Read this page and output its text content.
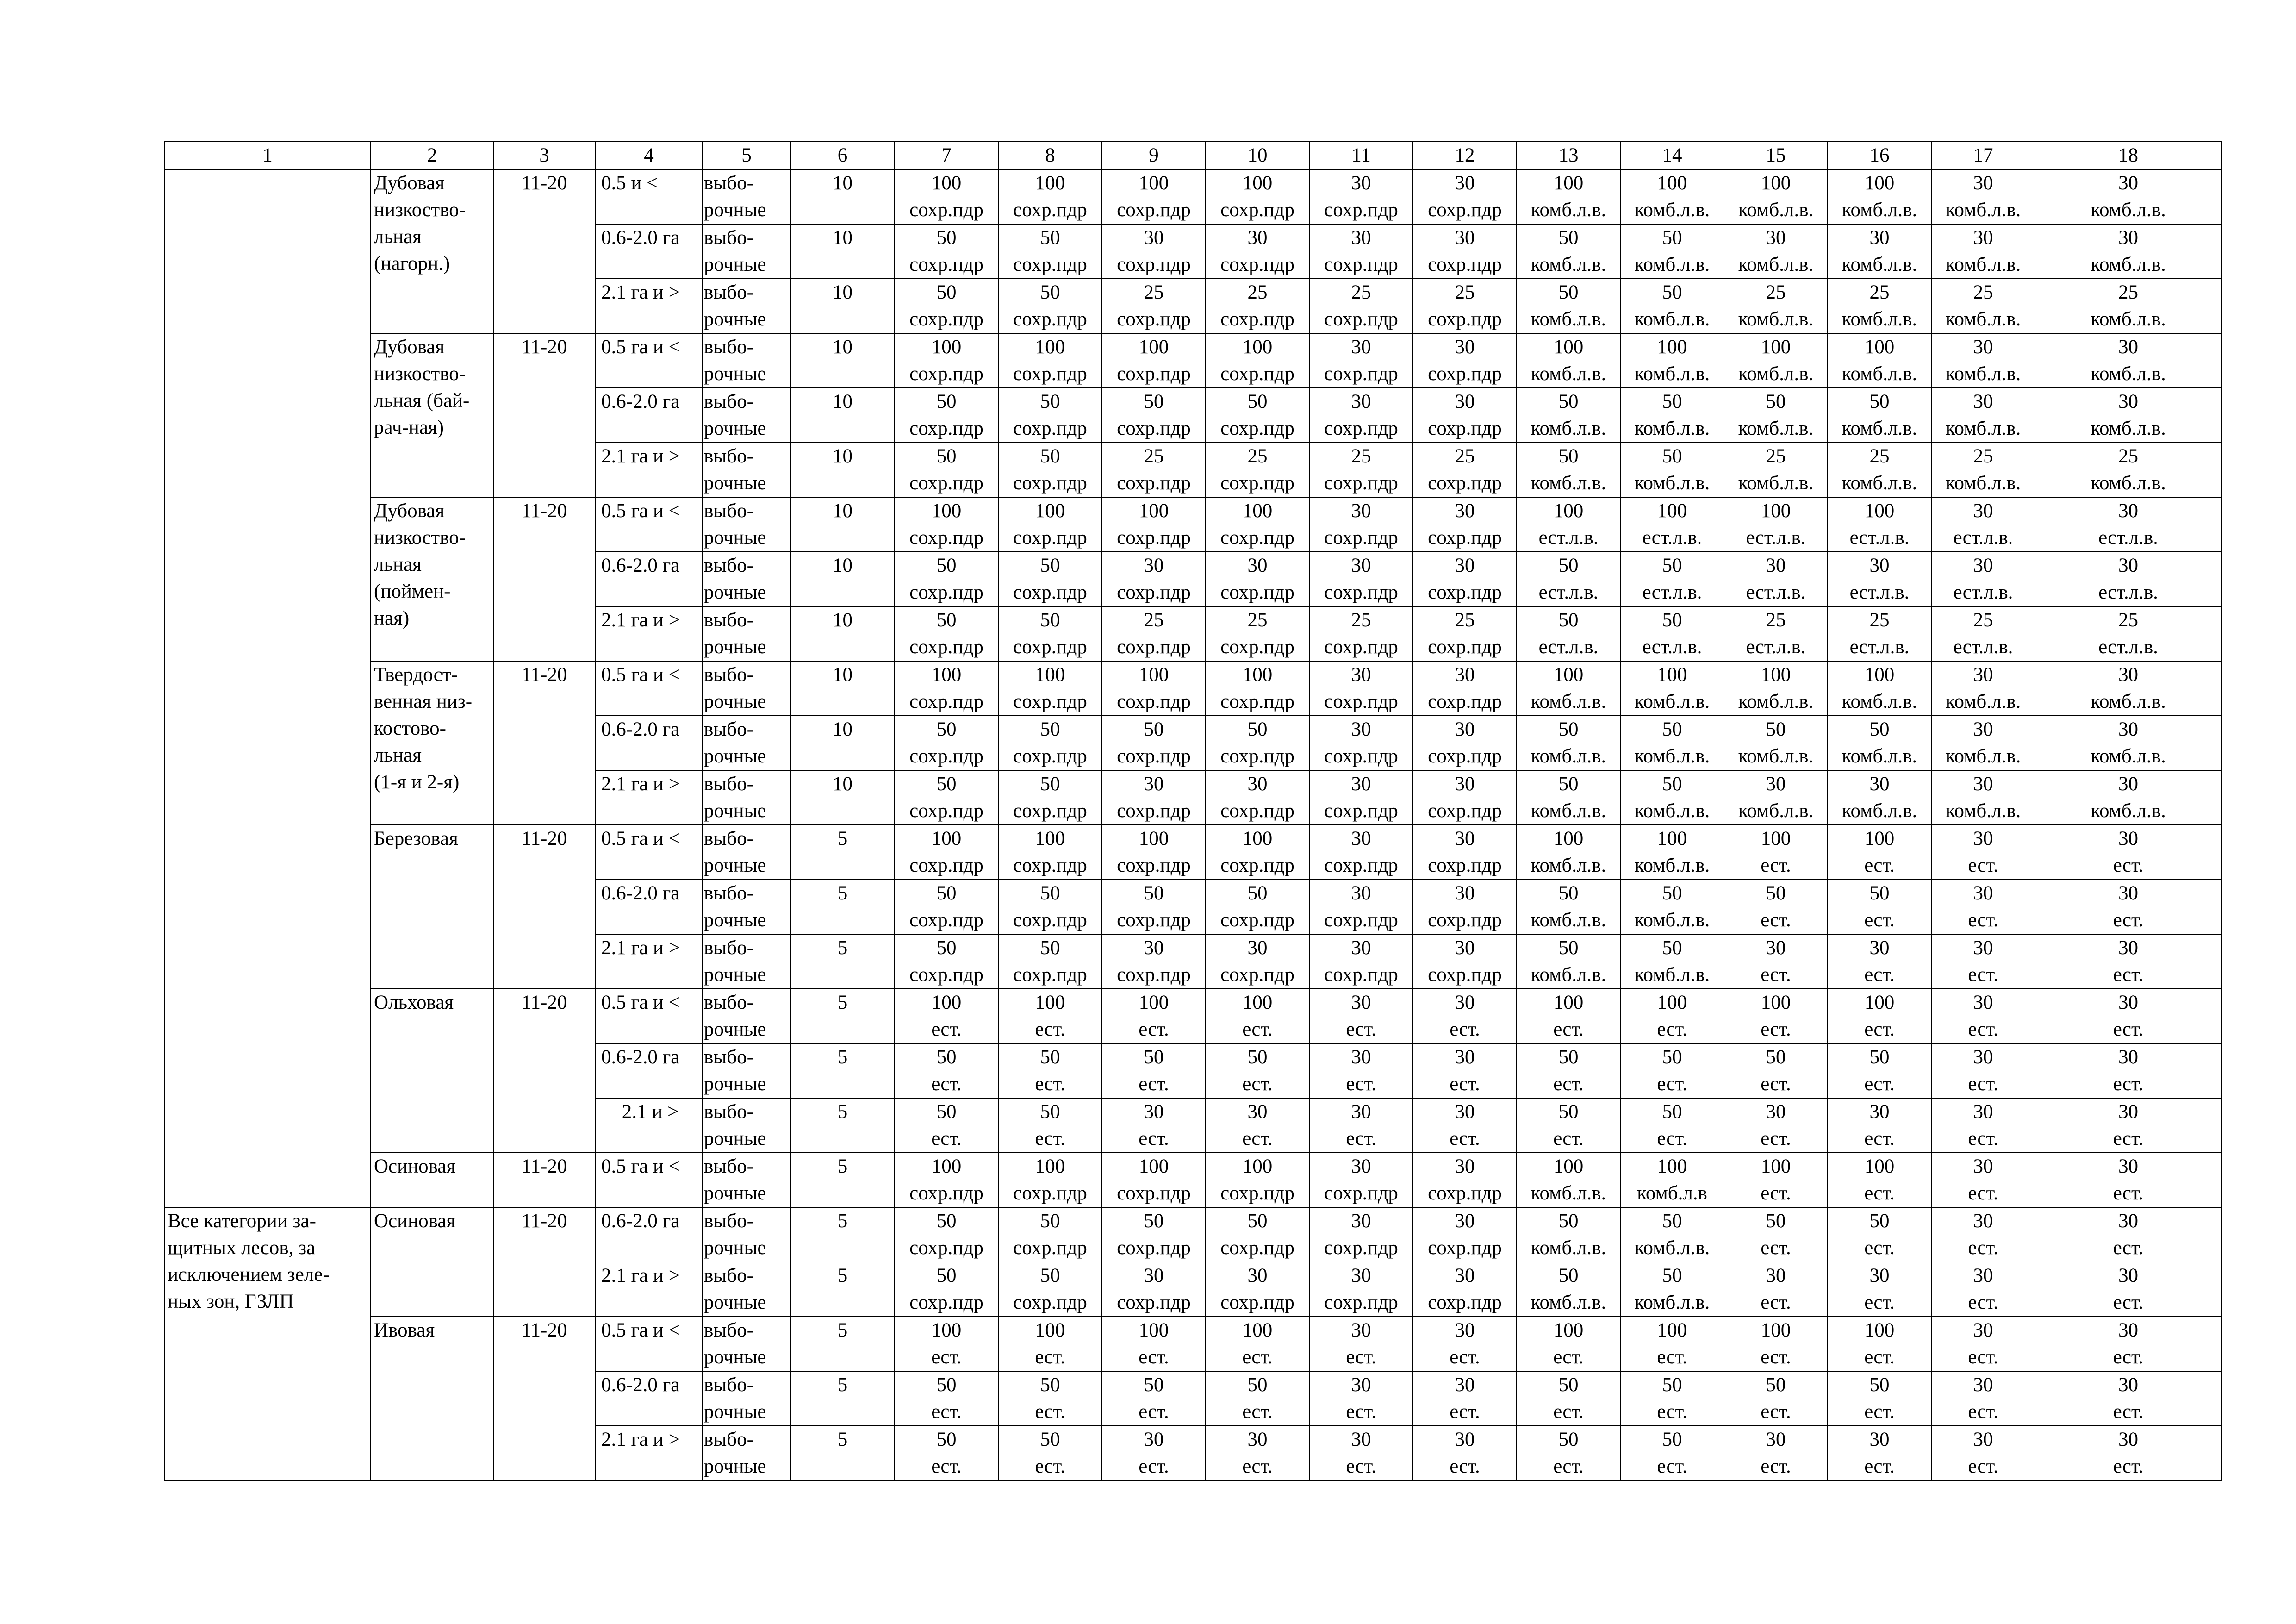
1	2	3	4	5	6	7	8	9	10	11	12	13	14	15	16	17	18

	Дубовая
низкоство-
льная
(нагорн.)	11-20	0.5 и <	выбо-
рочные	10	100
сохр.пдр	100
сохр.пдр	100
сохр.пдр	100
сохр.пдр	30
сохр.пдр	30
сохр.пдр	100
комб.л.в.	100
комб.л.в.	100
комб.л.в.	100
комб.л.в.	30
комб.л.в.	30
комб.л.в.

			0.6-2.0 га	выбо-
рочные	10	50
сохр.пдр	50
сохр.пдр	30
сохр.пдр	30
сохр.пдр	30
сохр.пдр	30
сохр.пдр	50
комб.л.в.	50
комб.л.в.	30
комб.л.в.	30
комб.л.в.	30
комб.л.в.	30
комб.л.в.

			2.1 га и >	выбо-
рочные	10	50
сохр.пдр	50
сохр.пдр	25
сохр.пдр	25
сохр.пдр	25
сохр.пдр	25
сохр.пдр	50
комб.л.в.	50
комб.л.в.	25
комб.л.в.	25
комб.л.в.	25
комб.л.в.	25
комб.л.в.

	Дубовая
низкоство-
льная (бай-
рач-ная)	11-20	0.5 га и <	выбо-
рочные	10	100
сохр.пдр	100
сохр.пдр	100
сохр.пдр	100
сохр.пдр	30
сохр.пдр	30
сохр.пдр	100
комб.л.в.	100
комб.л.в.	100
комб.л.в.	100
комб.л.в.	30
комб.л.в.	30
комб.л.в.

			0.6-2.0 га	выбо-
рочные	10	50
сохр.пдр	50
сохр.пдр	50
сохр.пдр	50
сохр.пдр	30
сохр.пдр	30
сохр.пдр	50
комб.л.в.	50
комб.л.в.	50
комб.л.в.	50
комб.л.в.	30
комб.л.в.	30
комб.л.в.

			2.1 га и >	выбо-
рочные	10	50
сохр.пдр	50
сохр.пдр	25
сохр.пдр	25
сохр.пдр	25
сохр.пдр	25
сохр.пдр	50
комб.л.в.	50
комб.л.в.	25
комб.л.в.	25
комб.л.в.	25
комб.л.в.	25
комб.л.в.

	Дубовая
низкоство-
льная
(поймен-
ная)	11-20	0.5 га и <	выбо-
рочные	10	100
сохр.пдр	100
сохр.пдр	100
сохр.пдр	100
сохр.пдр	30
сохр.пдр	30
сохр.пдр	100
ест.л.в.	100
ест.л.в.	100
ест.л.в.	100
ест.л.в.	30
ест.л.в.	30
ест.л.в.

			0.6-2.0 га	выбо-
рочные	10	50
сохр.пдр	50
сохр.пдр	30
сохр.пдр	30
сохр.пдр	30
сохр.пдр	30
сохр.пдр	50
ест.л.в.	50
ест.л.в.	30
ест.л.в.	30
ест.л.в.	30
ест.л.в.	30
ест.л.в.

			2.1 га и >	выбо-
рочные	10	50
сохр.пдр	50
сохр.пдр	25
сохр.пдр	25
сохр.пдр	25
сохр.пдр	25
сохр.пдр	50
ест.л.в.	50
ест.л.в.	25
ест.л.в.	25
ест.л.в.	25
ест.л.в.	25
ест.л.в.

	Твердост-
венная низ-
костово-
льная
(1-я и 2-я)	11-20	0.5 га и <	выбо-
рочные	10	100
сохр.пдр	100
сохр.пдр	100
сохр.пдр	100
сохр.пдр	30
сохр.пдр	30
сохр.пдр	100
комб.л.в.	100
комб.л.в.	100
комб.л.в.	100
комб.л.в.	30
комб.л.в.	30
комб.л.в.

			0.6-2.0 га	выбо-
рочные	10	50
сохр.пдр	50
сохр.пдр	50
сохр.пдр	50
сохр.пдр	30
сохр.пдр	30
сохр.пдр	50
комб.л.в.	50
комб.л.в.	50
комб.л.в.	50
комб.л.в.	30
комб.л.в.	30
комб.л.в.

			2.1 га и >	выбо-
рочные	10	50
сохр.пдр	50
сохр.пдр	30
сохр.пдр	30
сохр.пдр	30
сохр.пдр	30
сохр.пдр	50
комб.л.в.	50
комб.л.в.	30
комб.л.в.	30
комб.л.в.	30
комб.л.в.	30
комб.л.в.

	Березовая	11-20	0.5 га и <	выбо-
рочные	5	100
сохр.пдр	100
сохр.пдр	100
сохр.пдр	100
сохр.пдр	30
сохр.пдр	30
сохр.пдр	100
комб.л.в.	100
комб.л.в.	100
ест.	100
ест.	30
ест.	30
ест.

			0.6-2.0 га	выбо-
рочные	5	50
сохр.пдр	50
сохр.пдр	50
сохр.пдр	50
сохр.пдр	30
сохр.пдр	30
сохр.пдр	50
комб.л.в.	50
комб.л.в.	50
ест.	50
ест.	30
ест.	30
ест.

			2.1 га и >	выбо-
рочные	5	50
сохр.пдр	50
сохр.пдр	30
сохр.пдр	30
сохр.пдр	30
сохр.пдр	30
сохр.пдр	50
комб.л.в.	50
комб.л.в.	30
ест.	30
ест.	30
ест.	30
ест.

	Ольховая	11-20	0.5 га и <	выбо-
рочные	5	100
ест.	100
ест.	100
ест.	100
ест.	30
ест.	30
ест.	100
ест.	100
ест.	100
ест.	100
ест.	30
ест.	30
ест.

			0.6-2.0 га	выбо-
рочные	5	50
ест.	50
ест.	50
ест.	50
ест.	30
ест.	30
ест.	50
ест.	50
ест.	50
ест.	50
ест.	30
ест.	30
ест.

			2.1 и >	выбо-
рочные	5	50
ест.	50
ест.	30
ест.	30
ест.	30
ест.	30
ест.	50
ест.	50
ест.	30
ест.	30
ест.	30
ест.	30
ест.

	Осиновая	11-20	0.5 га и <	выбо-
рочные	5	100
сохр.пдр	100
сохр.пдр	100
сохр.пдр	100
сохр.пдр	30
сохр.пдр	30
сохр.пдр	100
комб.л.в.	100
комб.л.в	100
ест.	100
ест.	30
ест.	30
ест.

Все категории за-
щитных лесов, за
исключением зеле-
ных зон, ГЗЛП	Осиновая	11-20	0.6-2.0 га	выбо-
рочные	5	50
сохр.пдр	50
сохр.пдр	50
сохр.пдр	50
сохр.пдр	30
сохр.пдр	30
сохр.пдр	50
комб.л.в.	50
комб.л.в.	50
ест.	50
ест.	30
ест.	30
ест.

			2.1 га и >	выбо-
рочные	5	50
сохр.пдр	50
сохр.пдр	30
сохр.пдр	30
сохр.пдр	30
сохр.пдр	30
сохр.пдр	50
комб.л.в.	50
комб.л.в.	30
ест.	30
ест.	30
ест.	30
ест.

	Ивовая	11-20	0.5 га и <	выбо-
рочные	5	100
ест.	100
ест.	100
ест.	100
ест.	30
ест.	30
ест.	100
ест.	100
ест.	100
ест.	100
ест.	30
ест.	30
ест.

			0.6-2.0 га	выбо-
рочные	5	50
ест.	50
ест.	50
ест.	50
ест.	30
ест.	30
ест.	50
ест.	50
ест.	50
ест.	50
ест.	30
ест.	30
ест.

			2.1 га и >	выбо-
рочные	5	50
ест.	50
ест.	30
ест.	30
ест.	30
ест.	30
ест.	50
ест.	50
ест.	30
ест.	30
ест.	30
ест.	30
ест.
